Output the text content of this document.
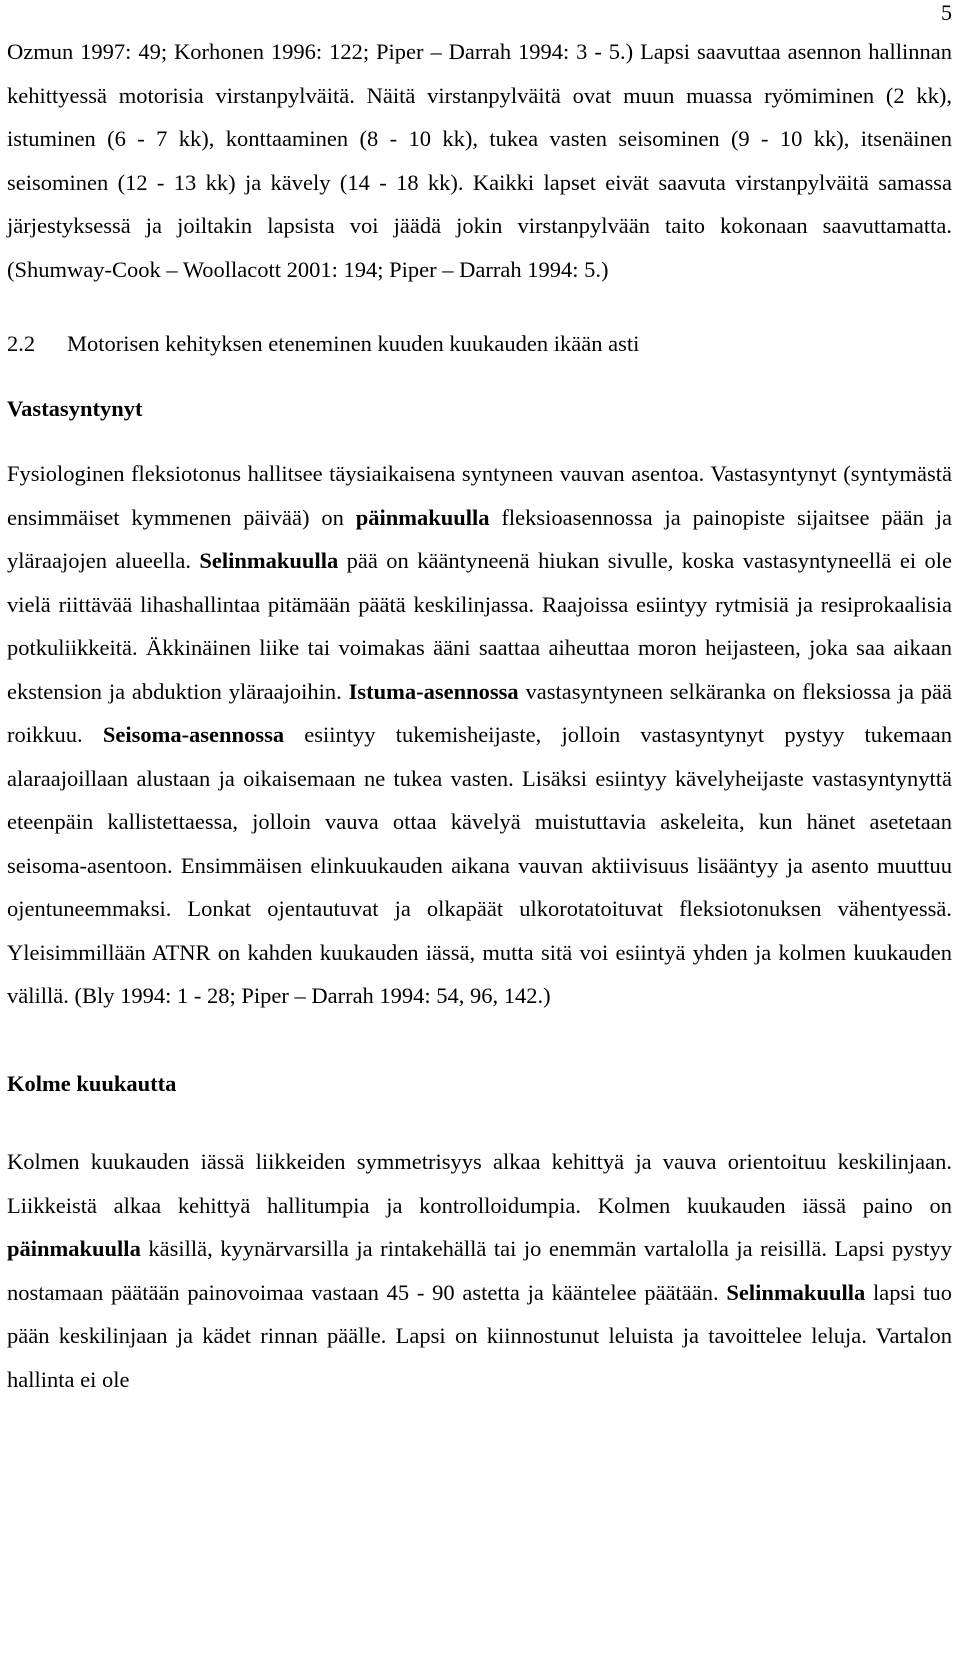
5

Ozmun 1997: 49; Korhonen 1996: 122; Piper – Darrah 1994: 3 - 5.) Lapsi saavuttaa asennon hallinnan kehittyessä motorisia virstanpylväitä. Näitä virstanpylväitä ovat muun muassa ryömiminen (2 kk), istuminen (6 - 7 kk), konttaaminen (8 - 10 kk), tukea vasten seisominen (9 - 10 kk), itsenäinen seisominen (12 - 13 kk) ja kävely (14 - 18 kk). Kaikki lapset eivät saavuta virstanpylväitä samassa järjestyksessä ja joiltakin lapsista voi jäädä jokin virstanpylvään taito kokonaan saavuttamatta. (Shumway-Cook – Woollacott 2001: 194; Piper – Darrah 1994: 5.)

2.2 Motorisen kehityksen eteneminen kuuden kuukauden ikään asti
Vastasyntynyt

Fysiologinen fleksiotonus hallitsee täysiaikaisena syntyneen vauvan asentoa. Vastasyntynyt (syntymästä ensimmäiset kymmenen päivää) on päinmakuulla fleksioasennossa ja painopiste sijaitsee pään ja yläraajojen alueella. Selinmakuulla pää on kääntyneenä hiukan sivulle, koska vastasyntyneellä ei ole vielä riittävää lihashallintaa pitämään päätä keskilinjassa. Raajoissa esiintyy rytmisiä ja resiprokaalisia potkuliikkeitä. Äkkinäinen liike tai voimakas ääni saattaa aiheuttaa moron heijasteen, joka saa aikaan ekstension ja abduktion yläraajoihin. Istuma-asennossa vastasyntyneen selkäranka on fleksiossa ja pää roikkuu. Seisoma-asennossa esiintyy tukemisheijaste, jolloin vastasyntynyt pystyy tukemaan alaraajoillaan alustaan ja oikaisemaan ne tukea vasten. Lisäksi esiintyy kävelyheijaste vastasyntynyttä eteenpäin kallistettaessa, jolloin vauva ottaa kävelyä muistuttavia askeleita, kun hänet asetetaan seisoma-asentoon. Ensimmäisen elinkuukauden aikana vauvan aktiivisuus lisääntyy ja asento muuttuu ojentuneemmaksi. Lonkat ojentautuvat ja olkapäät ulkorotatoituvat fleksiotonuksen vähentyessä. Yleisimmillään ATNR on kahden kuukauden iässä, mutta sitä voi esiintyä yhden ja kolmen kuukauden välillä. (Bly 1994: 1 - 28; Piper – Darrah 1994: 54, 96, 142.)

Kolme kuukautta

Kolmen kuukauden iässä liikkeiden symmetrisyys alkaa kehittyä ja vauva orientoituu keskilinjaan. Liikkeistä alkaa kehittyä hallitumpia ja kontrolloidumpia. Kolmen kuukauden iässä paino on päinmakuulla käsillä, kyynärvarsilla ja rintakehällä tai jo enemmän vartalolla ja reisillä. Lapsi pystyy nostamaan päätään painovoimaa vastaan 45 - 90 astetta ja kääntelee päätään. Selinmakuulla lapsi tuo pään keskilinjaan ja kädet rinnan päälle. Lapsi on kiinnostunut leluista ja tavoittelee leluja. Vartalon hallinta ei ole
